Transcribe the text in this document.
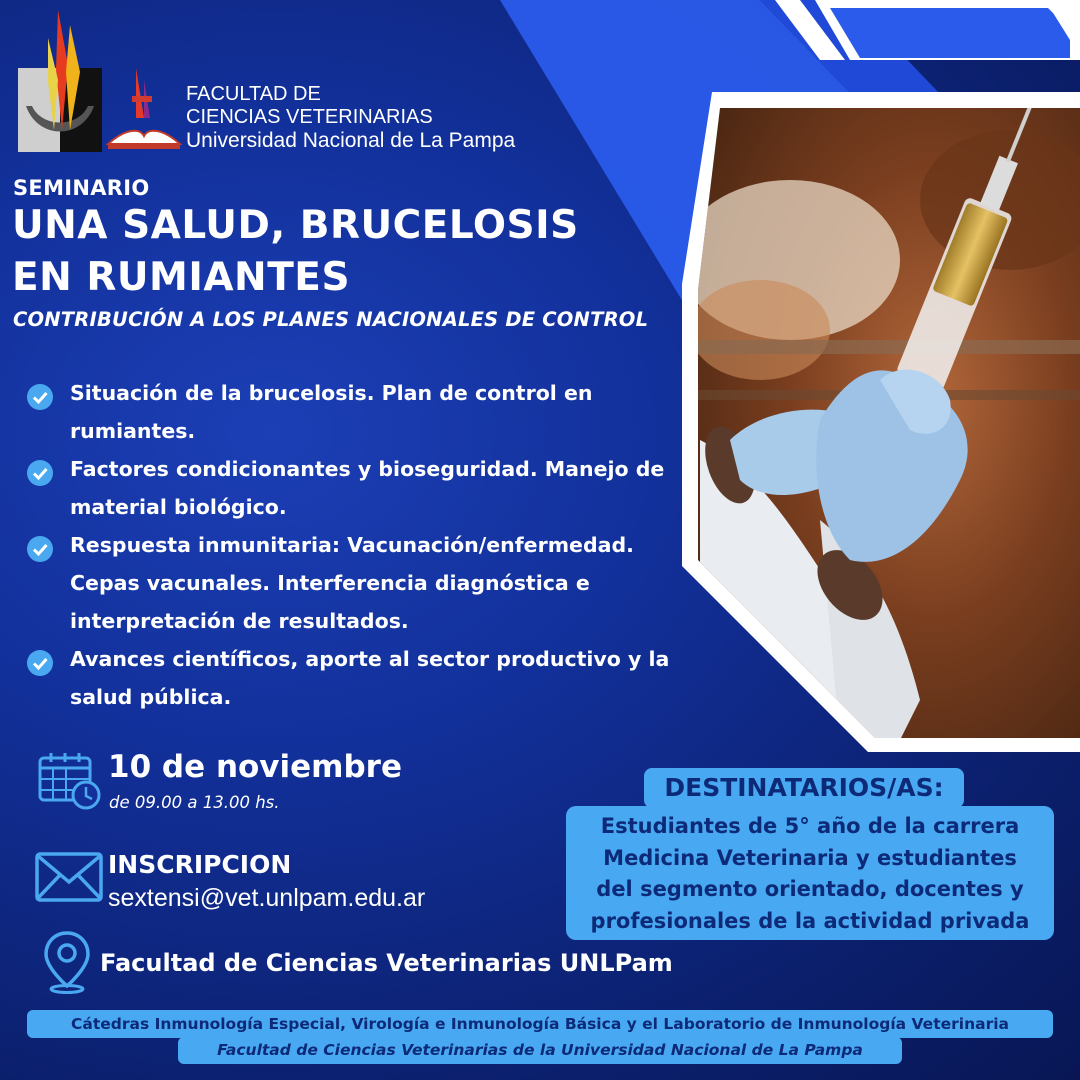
FACULTAD DE
CIENCIAS VETERINARIAS
Universidad Nacional de La Pampa
SEMINARIO
UNA SALUD, BRUCELOSIS
EN RUMIANTES
CONTRIBUCIÓN A LOS PLANES NACIONALES DE CONTROL
Situación de la brucelosis. Plan de control en
rumiantes.
Factores condicionantes y bioseguridad. Manejo de
material biológico.
Respuesta inmunitaria: Vacunación/enfermedad.
Cepas vacunales. Interferencia diagnóstica e
interpretación de resultados.
Avances científicos, aporte al sector productivo y la
salud pública.
10 de noviembre
de 09.00 a 13.00 hs.
INSCRIPCION
sextensi@vet.unlpam.edu.ar
Facultad de Ciencias Veterinarias UNLPam
Estudiantes de 5° año de la carrera
Medicina Veterinaria y estudiantes
del segmento orientado, docentes y
profesionales de la actividad privada
DESTINATARIOS/AS:
Cátedras Inmunología Especial, Virología e Inmunología Básica y el Laboratorio de Inmunología Veterinaria
Facultad de Ciencias Veterinarias de la Universidad Nacional de La Pampa
